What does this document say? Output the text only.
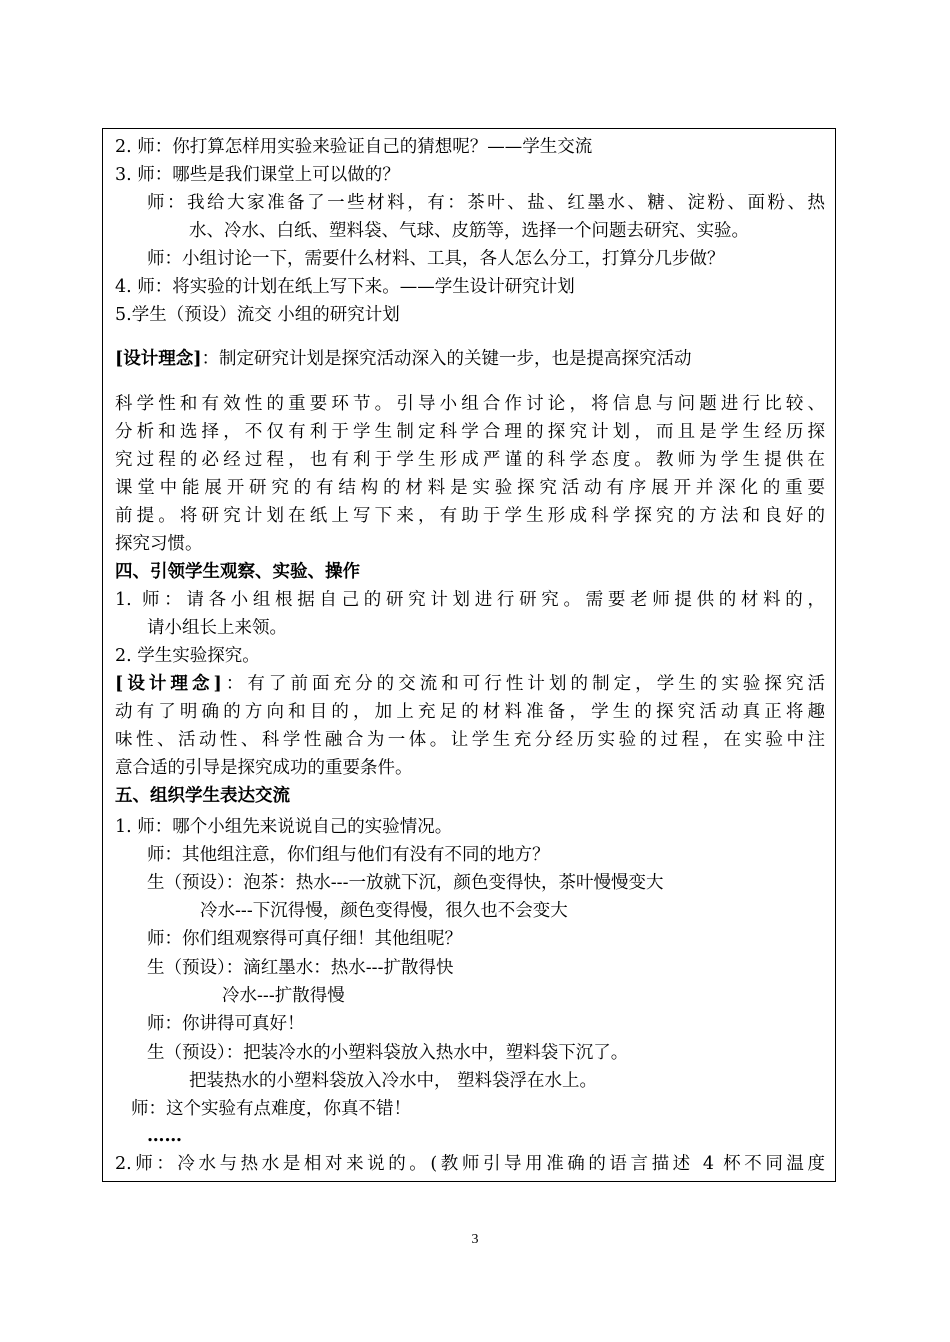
2. 师：你打算怎样用实验来验证自己的猜想呢？——学生交流
3. 师：哪些是我们课堂上可以做的？
师：我给大家准备了一些材料，有：茶叶、盐、红墨水、糖、淀粉、面粉、热
水、冷水、白纸、塑料袋、气球、皮筋等，选择一个问题去研究、实验。
师：小组讨论一下，需要什么材料、工具，各人怎么分工，打算分几步做？
4. 师：将实验的计划在纸上写下来。——学生设计研究计划
5.学生（预设）流交 小组的研究计划
[设计理念]：制定研究计划是探究活动深入的关键一步，也是提高探究活动
科学性和有效性的重要环节。引导小组合作讨论，将信息与问题进行比较、
分析和选择，不仅有利于学生制定科学合理的探究计划，而且是学生经历探
究过程的必经过程，也有利于学生形成严谨的科学态度。教师为学生提供在
课堂中能展开研究的有结构的材料是实验探究活动有序展开并深化的重要
前提。将研究计划在纸上写下来，有助于学生形成科学探究的方法和良好的
探究习惯。
四、引领学生观察、实验、操作
1. 师：请各小组根据自己的研究计划进行研究。需要老师提供的材料的，
请小组长上来领。
2. 学生实验探究。
[设计理念]：有了前面充分的交流和可行性计划的制定，学生的实验探究活
动有了明确的方向和目的，加上充足的材料准备，学生的探究活动真正将趣
味性、活动性、科学性融合为一体。让学生充分经历实验的过程，在实验中注
意合适的引导是探究成功的重要条件。
五、组织学生表达交流
1. 师：哪个小组先来说说自己的实验情况。
师：其他组注意，你们组与他们有没有不同的地方？
生（预设）：泡茶：热水---一放就下沉，颜色变得快，茶叶慢慢变大
冷水---下沉得慢，颜色变得慢，很久也不会变大
师：你们组观察得可真仔细！其他组呢？
生（预设）：滴红墨水：热水---扩散得快
冷水---扩散得慢
师：你讲得可真好！
生（预设）：把装冷水的小塑料袋放入热水中，塑料袋下沉了。
把装热水的小塑料袋放入冷水中， 塑料袋浮在水上。
师：这个实验有点难度，你真不错！
……
2.师：冷水与热水是相对来说的。(教师引导用准确的语言描述 4 杯不同温度
3
